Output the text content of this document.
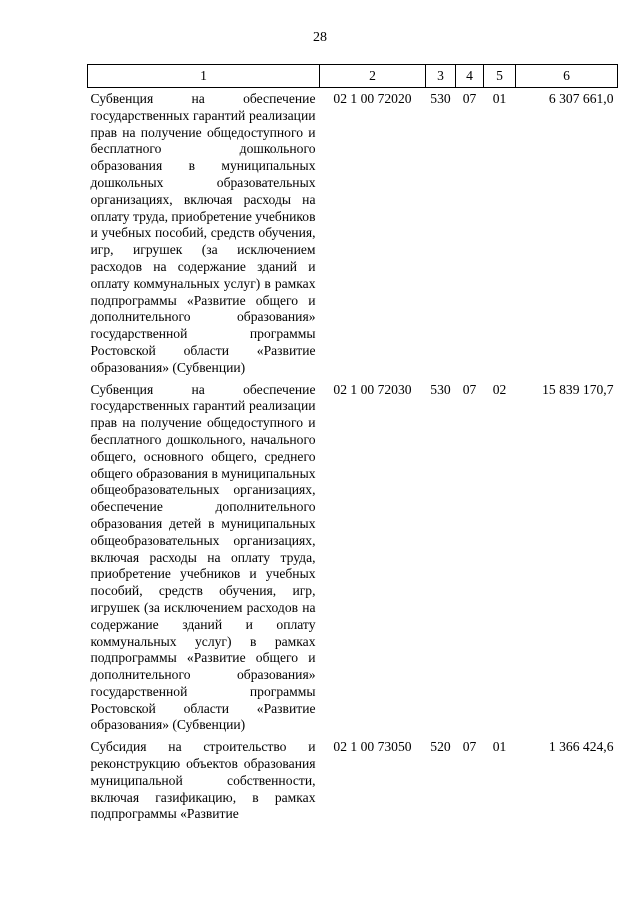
28
1	2	3	4	5	6
Субвенция на обеспечение государственных гарантий реализации прав на получение общедоступного и бесплатного дошкольного образования в муниципальных дошкольных образовательных организациях, включая расходы на оплату труда, приобретение учебников и учебных пособий, средств обучения, игр, игрушек (за исключением расходов на содержание зданий и оплату коммунальных услуг) в рамках подпрограммы «Развитие общего и дополнительного образования» государственной программы Ростовской области «Развитие образования» (Субвенции)	02 1 00 72020	530	07	01	6 307 661,0
Субвенция на обеспечение государственных гарантий реализации прав на получение общедоступного и бесплатного дошкольного, начального общего, основного общего, среднего общего образования в муниципальных общеобразовательных организациях, обеспечение дополнительного образования детей в муниципальных общеобразовательных организациях, включая расходы на оплату труда, приобретение учебников и учебных пособий, средств обучения, игр, игрушек (за исключением расходов на содержание зданий и оплату коммунальных услуг) в рамках подпрограммы «Развитие общего и дополнительного образования» государственной программы Ростовской области «Развитие образования» (Субвенции)	02 1 00 72030	530	07	02	15 839 170,7
Субсидия на строительство и реконструкцию объектов образования муниципальной собственности, включая газификацию, в рамках подпрограммы «Развитие	02 1 00 73050	520	07	01	1 366 424,6
